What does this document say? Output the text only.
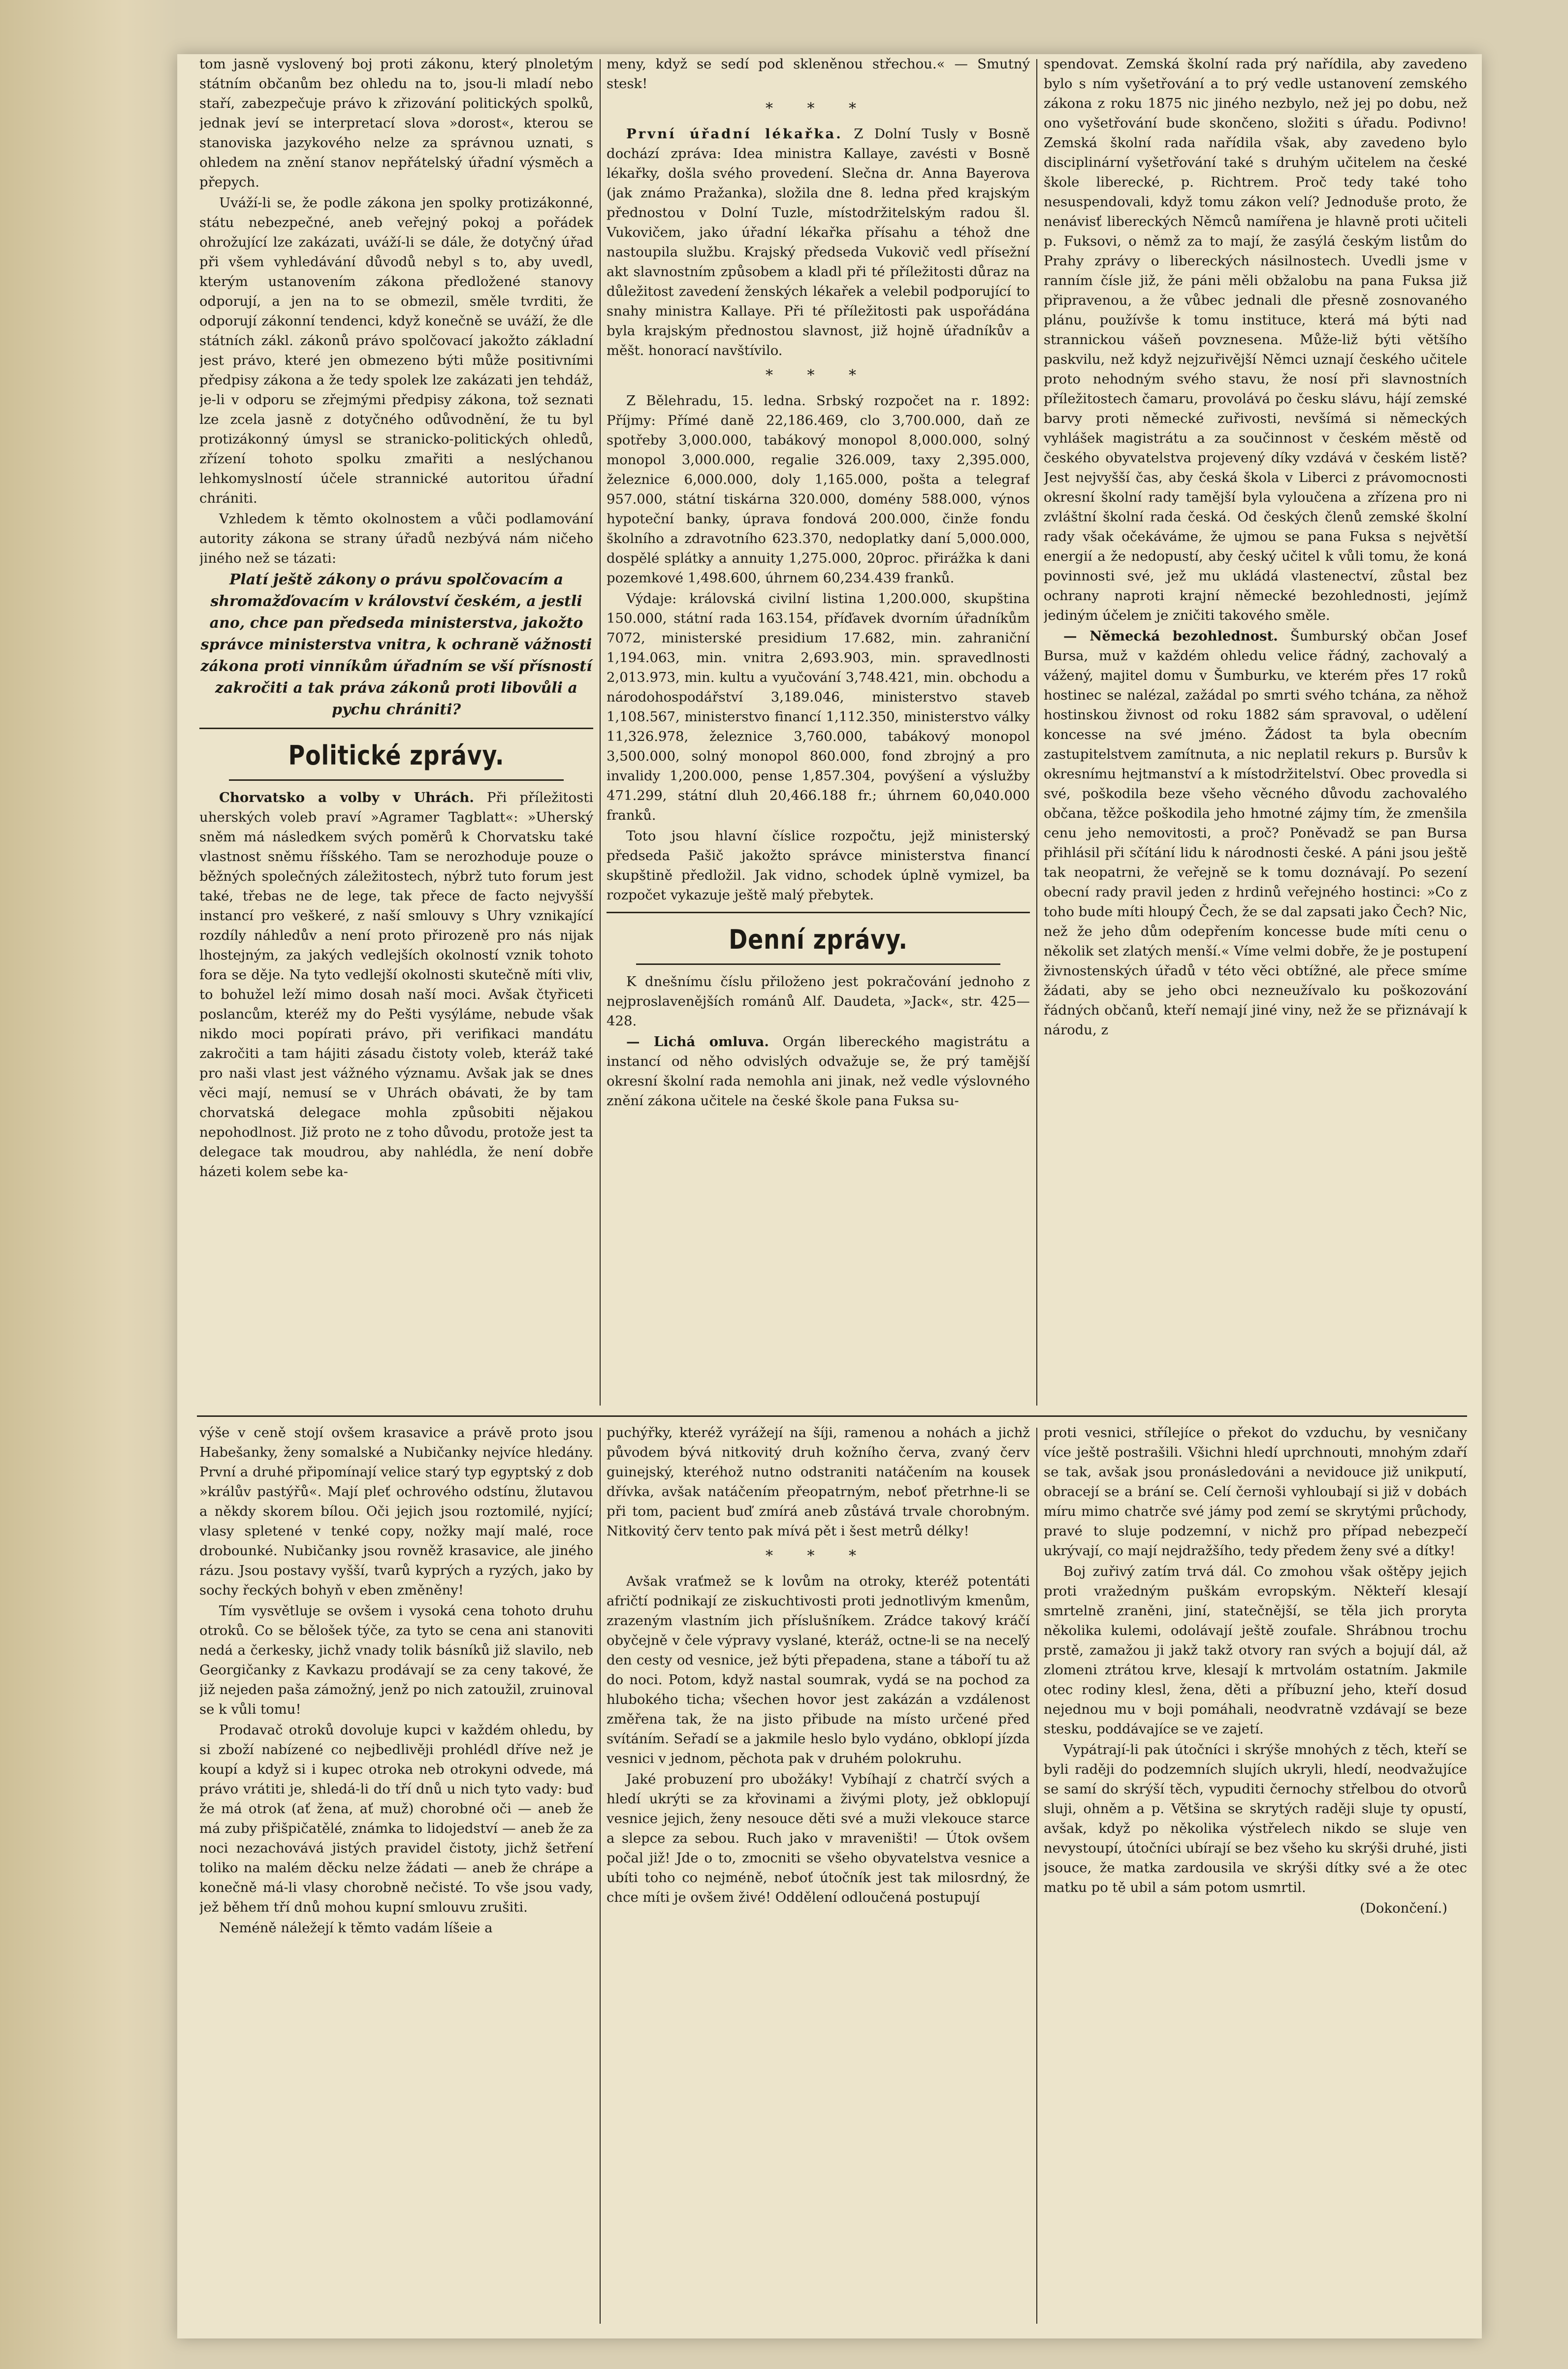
tom jasně vyslovený boj proti zákonu, který plnoletým státním občanům bez ohledu na to, jsou-li mladí nebo staří, zabezpečuje právo k zřizování politických spolků, jednak jeví se interpretací slova »dorost«, kterou se stanoviska jazykového nelze za správnou uznati, s ohledem na znění stanov nepřátelský úřadní výsměch a přepych.

Uváží-li se, že podle zákona jen spolky protizákonné, státu nebezpečné, aneb veřejný pokoj a pořádek ohrožující lze zakázati, uváží-li se dále, že dotyčný úřad při všem vyhledávání důvodů nebyl s to, aby uvedl, kterým ustanovením zákona předložené stanovy odporují, a jen na to se obmezil, směle tvrditi, že odporují zákonní tendenci, když konečně se uváží, že dle státních zákl. zákonů právo spolčovací jakožto základní jest právo, které jen obmezeno býti může positivními předpisy zákona a že tedy spolek lze zakázati jen tehdáž, je-li v odporu se zřejmými předpisy zákona, tož seznati lze zcela jasně z dotyčného odůvodnění, že tu byl protizákonný úmysl se stranicko-politických ohledů, zřízení tohoto spolku zmařiti a neslýchanou lehkomyslností účele strannické autoritou úřadní chrániti.

Vzhledem k těmto okolnostem a vůči podlamování autority zákona se strany úřadů nezbývá nám ničeho jiného než se tázati:

Platí ještě zákony o právu spolčovacím a shromažďovacím v království českém, a jestli ano, chce pan předseda ministerstva, jakožto správce ministerstva vnitra, k ochraně vážnosti zákona proti vinníkům úřadním se vší přísností zakročiti a tak práva zákonů proti libovůli a pychu chrániti?

Politické zprávy.

Chorvatsko a volby v Uhrách. Při příležitosti uherských voleb praví »Agramer Tagblatt«: »Uherský sněm má následkem svých poměrů k Chorvatsku také vlastnost sněmu říšského. Tam se nerozhoduje pouze o běžných společných záležitostech, nýbrž tuto forum jest také, třebas ne de lege, tak přece de facto nejvyšší instancí pro veškeré, z naší smlouvy s Uhry vznikající rozdíly náhledův a není proto přirozeně pro nás nijak lhostejným, za jakých vedlejších okolností vznik tohoto fora se děje. Na tyto vedlejší okolnosti skutečně míti vliv, to bohužel leží mimo dosah naší moci. Avšak čtyřiceti poslancům, kteréž my do Pešti vysýláme, nebude však nikdo moci popírati právo, při verifikaci mandátu zakročiti a tam hájiti zásadu čistoty voleb, kteráž také pro naši vlast jest vážného významu. Avšak jak se dnes věci mají, nemusí se v Uhrách obávati, že by tam chorvatská delegace mohla způsobiti nějakou nepohodlnost. Již proto ne z toho důvodu, protože jest ta delegace tak moudrou, aby nahlédla, že není dobře házeti kolem sebe ka-

meny, když se sedí pod skleněnou střechou.« — Smutný stesk!

* * *

První úřadní lékařka. Z Dolní Tusly v Bosně dochází zpráva: Idea ministra Kallaye, zavésti v Bosně lékařky, došla svého provedení. Slečna dr. Anna Bayerova (jak známo Pražanka), složila dne 8. ledna před krajským přednostou v Dolní Tuzle, místodržitelským radou šl. Vukovičem, jako úřadní lékařka přísahu a téhož dne nastoupila službu. Krajský předseda Vukovič vedl přísežní akt slavnostním způsobem a kladl při té příležitosti důraz na důležitost zavedení ženských lékařek a velebil podporující to snahy ministra Kallaye. Při té příležitosti pak uspořádána byla krajským přednostou slavnost, již hojně úřadníkův a měšt. honorací navštívilo.

* * *

Z Bělehradu, 15. ledna. Srbský rozpočet na r. 1892: Příjmy: Přímé daně 22,186.469, clo 3,700.000, daň ze spotřeby 3,000.000, tabákový monopol 8,000.000, solný monopol 3,000.000, regalie 326.009, taxy 2,395.000, železnice 6,000.000, doly 1,165.000, pošta a telegraf 957.000, státní tiskárna 320.000, domény 588.000, výnos hypoteční banky, úprava fondová 200.000, činže fondu školního a zdravotního 623.370, nedoplatky daní 5,000.000, dospělé splátky a annuity 1,275.000, 20proc. přirážka k dani pozemkové 1,498.600, úhrnem 60,234.439 franků.

Výdaje: královská civilní listina 1,200.000, skupština 150.000, státní rada 163.154, příďavek dvorním úřadníkům 7072, ministerské presidium 17.682, min. zahraniční 1,194.063, min. vnitra 2,693.903, min. spravedlnosti 2,013.973, min. kultu a vyučování 3,748.421, min. obchodu a národohospodářství 3,189.046, ministerstvo staveb 1,108.567, ministerstvo financí 1,112.350, ministerstvo války 11,326.978, železnice 3,760.000, tabákový monopol 3,500.000, solný monopol 860.000, fond zbrojný a pro invalidy 1,200.000, pense 1,857.304, povýšení a výslužby 471.299, státní dluh 20,466.188 fr.; úhrnem 60,040.000 franků.

Toto jsou hlavní číslice rozpočtu, jejž ministerský předseda Pašič jakožto správce ministerstva financí skupštině předložil. Jak vidno, schodek úplně vymizel, ba rozpočet vykazuje ještě malý přebytek.

Denní zprávy.

K dnešnímu číslu přiloženo jest pokračování jednoho z nejproslavenějších románů Alf. Daudeta, »Jack«, str. 425—428.

— Lichá omluva. Orgán libereckého magistrátu a instancí od něho odvislých odvažuje se, že prý tamější okresní školní rada nemohla ani jinak, než vedle výslovného znění zákona učitele na české škole pana Fuksa su-

spendovat. Zemská školní rada prý nařídila, aby zavedeno bylo s ním vyšetřování a to prý vedle ustanovení zemského zákona z roku 1875 nic jiného nezbylo, než jej po dobu, než ono vyšetřování bude skončeno, složiti s úřadu. Podivno! Zemská školní rada nařídila však, aby zavedeno bylo disciplinární vyšetřování také s druhým učitelem na české škole liberecké, p. Richtrem. Proč tedy také toho nesuspendovali, když tomu zákon velí? Jednoduše proto, že nenávisť libereckých Němců namířena je hlavně proti učiteli p. Fuksovi, o němž za to mají, že zasýlá českým listům do Prahy zprávy o libereckých násilnostech. Uvedli jsme v ranním čísle již, že páni měli obžalobu na pana Fuksa již připravenou, a že vůbec jednali dle přesně zosnovaného plánu, používše k tomu instituce, která má býti nad strannickou vášeň povznesena. Může-liž býti většího paskvilu, než když nejzuřivější Němci uznají českého učitele proto nehodným svého stavu, že nosí při slavnostních příležitostech čamaru, provolává po česku slávu, hájí zemské barvy proti německé zuřivosti, nevšímá si německých vyhlášek magistrátu a za součinnost v českém městě od českého obyvatelstva projevený díky vzdává v českém listě? Jest nejvyšší čas, aby česká škola v Liberci z právomocnosti okresní školní rady tamější byla vyloučena a zřízena pro ni zvláštní školní rada česká. Od českých členů zemské školní rady však očekáváme, že ujmou se pana Fuksa s největší energií a že nedopustí, aby český učitel k vůli tomu, že koná povinnosti své, jež mu ukládá vlastenectví, zůstal bez ochrany naproti krajní německé bezohlednosti, jejímž jediným účelem je zničiti takového směle.

— Německá bezohlednost. Šumburský občan Josef Bursa, muž v každém ohledu velice řádný, zachovalý a vážený, majitel domu v Šumburku, ve kterém přes 17 roků hostinec se nalézal, zažádal po smrti svého tchána, za něhož hostinskou živnost od roku 1882 sám spravoval, o udělení koncesse na své jméno. Žádost ta byla obecním zastupitelstvem zamítnuta, a nic neplatil rekurs p. Bursův k okresnímu hejtmanství a k místodržitelství. Obec provedla si své, poškodila beze všeho věcného důvodu zachovalého občana, těžce poškodila jeho hmotné zájmy tím, že zmenšila cenu jeho nemovitosti, a proč? Poněvadž se pan Bursa přihlásil při sčítání lidu k národnosti české. A páni jsou ještě tak neopatrni, že veřejně se k tomu doznávají. Po sezení obecní rady pravil jeden z hrdinů veřejného hostinci: »Co z toho bude míti hloupý Čech, že se dal zapsati jako Čech? Nic, než že jeho dům odepřením koncesse bude míti cenu o několik set zlatých menší.« Víme velmi dobře, že je postupení živnostenských úřadů v této věci obtížné, ale přece smíme žádati, aby se jeho obci nezneužívalo ku poškozování řádných občanů, kteří nemají jiné viny, než že se přiznávají k národu, z

výše v ceně stojí ovšem krasavice a právě proto jsou Habešanky, ženy somalské a Nubičanky nejvíce hledány. První a druhé připomínají velice starý typ egyptský z dob »králův pastýřů«. Mají pleť ochrového odstínu, žlutavou a někdy skorem bílou. Oči jejich jsou roztomilé, nyjící; vlasy spletené v tenké copy, nožky mají malé, roce drobounké. Nubičanky jsou rovněž krasavice, ale jiného rázu. Jsou postavy vyšší, tvarů kyprých a ryzých, jako by sochy řeckých bohyň v eben změněny!

Tím vysvětluje se ovšem i vysoká cena tohoto druhu otroků. Co se bělošek týče, za tyto se cena ani stanoviti nedá a čerkesky, jichž vnady tolik básníků již slavilo, neb Georgičanky z Kavkazu prodávají se za ceny takové, že již nejeden paša zámožný, jenž po nich zatoužil, zruinoval se k vůli tomu!

Prodavač otroků dovoluje kupci v každém ohledu, by si zboží nabízené co nejbedlivěji prohlédl dříve než je koupí a když si i kupec otroka neb otrokyni odvede, má právo vrátiti je, shledá-li do tří dnů u nich tyto vady: buď že má otrok (ať žena, ať muž) chorobné oči — aneb že má zuby přišpičatělé, známka to lidojedství — aneb že za noci nezachovává jistých pravidel čistoty, jichž šetření toliko na malém děcku nelze žádati — aneb že chrápe a konečně má-li vlasy chorobně nečisté. To vše jsou vady, jež během tří dnů mohou kupní smlouvu zrušiti.

Neméně náležejí k těmto vadám líšeie a

puchýřky, kteréž vyrážejí na šíji, ramenou a nohách a jichž původem bývá nitkovitý druh kožního červa, zvaný červ guinejský, kteréhož nutno odstraniti natáčením na kousek dřívka, avšak natáčením přeopatrným, neboť přetrhne-li se při tom, pacient buď zmírá aneb zůstává trvale chorobným. Nitkovitý červ tento pak mívá pět i šest metrů délky!

* * *

Avšak vraťmež se k lovům na otroky, kteréž potentáti afričtí podnikají ze ziskuchtivosti proti jednotlivým kmenům, zrazeným vlastním jich příslušníkem. Zrádce takový kráčí obyčejně v čele výpravy vyslané, kteráž, octne-li se na neceľý den cesty od vesnice, jež býti přepadena, stane a táboří tu až do noci. Potom, když nastal soumrak, vydá se na pochod za hlubokého ticha; všechen hovor jest zakázán a vzdálenost změřena tak, že na jisto přibude na místo určené před svítáním. Seřadí se a jakmile heslo bylo vydáno, obklopí jízda vesnici v jednom, pěchota pak v druhém polokruhu.

Jaké probuzení pro ubožáky! Vybíhají z chatrčí svých a hledí ukrýti se za křovinami a živými ploty, jež obklopují vesnice jejich, ženy nesouce děti své a muži vlekouce starce a slepce za sebou. Ruch jako v mraveništi! — Útok ovšem počal již! Jde o to, zmocniti se všeho obyvatelstva vesnice a ubíti toho co nejméně, neboť útočník jest tak milosrdný, že chce míti je ovšem živé! Oddělení odloučená postupují

proti vesnici, střílejíce o překot do vzduchu, by vesničany více ještě postrašili. Všichni hledí uprchnouti, mnohým zdaří se tak, avšak jsou pronásledováni a nevidouce již unikputí, obracejí se a brání se. Celí černoši vyhloubají si již v dobách míru mimo chatrče své jámy pod zemí se skrytými průchody, pravé to sluje podzemní, v nichž pro případ nebezpečí ukrývají, co mají nejdražšího, tedy předem ženy své a dítky!

Boj zuřivý zatím trvá dál. Co zmohou však oštěpy jejich proti vražedným puškám evropským. Někteří klesají smrtelně zraněni, jiní, statečnější, se těla jich proryta několika kulemi, odolávají ještě zoufale. Shrábnou trochu prstě, zamažou ji jakž takž otvory ran svých a bojují dál, až zlomeni ztrátou krve, klesají k mrtvolám ostatním. Jakmile otec rodiny klesl, žena, děti a příbuzní jeho, kteří dosud nejednou mu v boji pomáhali, neodvratně vzdávají se beze stesku, poddávajíce se ve zajetí.

Vypátrají-li pak útočníci i skrýše mnohých z těch, kteří se byli raději do podzemních slujích ukryli, hledí, neodvažujíce se samí do skrýší těch, vypuditi černochy střelbou do otvorů sluji, ohněm a p. Většina se skrytých raději sluje ty opustí, avšak, když po několika výstřelech nikdo se sluje ven nevystoupí, útočníci ubírají se bez všeho ku skrýši druhé, jisti jsouce, že matka zardousila ve skrýši dítky své a že otec matku po tě ubil a sám potom usmrtil.

(Dokončení.)
